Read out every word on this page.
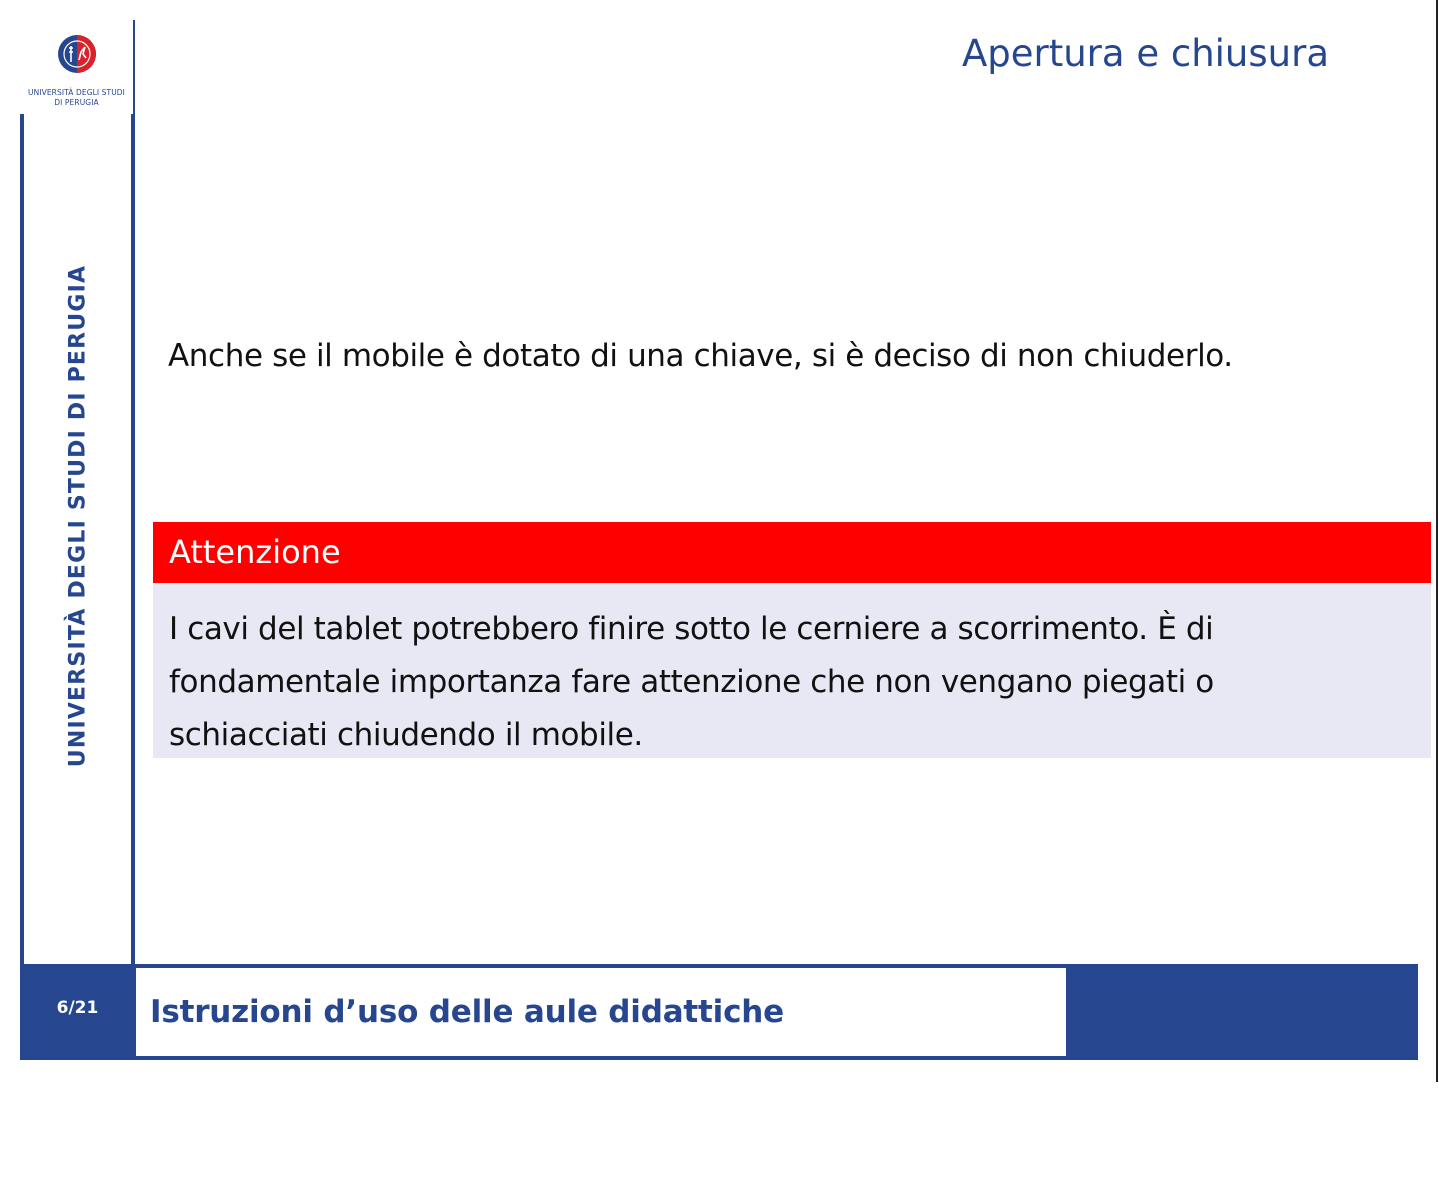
UNIVERSITÀ DEGLI STUDI
DI PERUGIA
UNIVERSITÀ DEGLI STUDI DI PERUGIA
Apertura e chiusura
Anche se il mobile è dotato di una chiave, si è deciso di non chiuderlo.
Attenzione
I cavi del tablet potrebbero finire sotto le cerniere a scorrimento. È di
fondamentale importanza fare attenzione che non vengano piegati o
schiacciati chiudendo il mobile.
6/21	Istruzioni d’uso delle aule didattiche
